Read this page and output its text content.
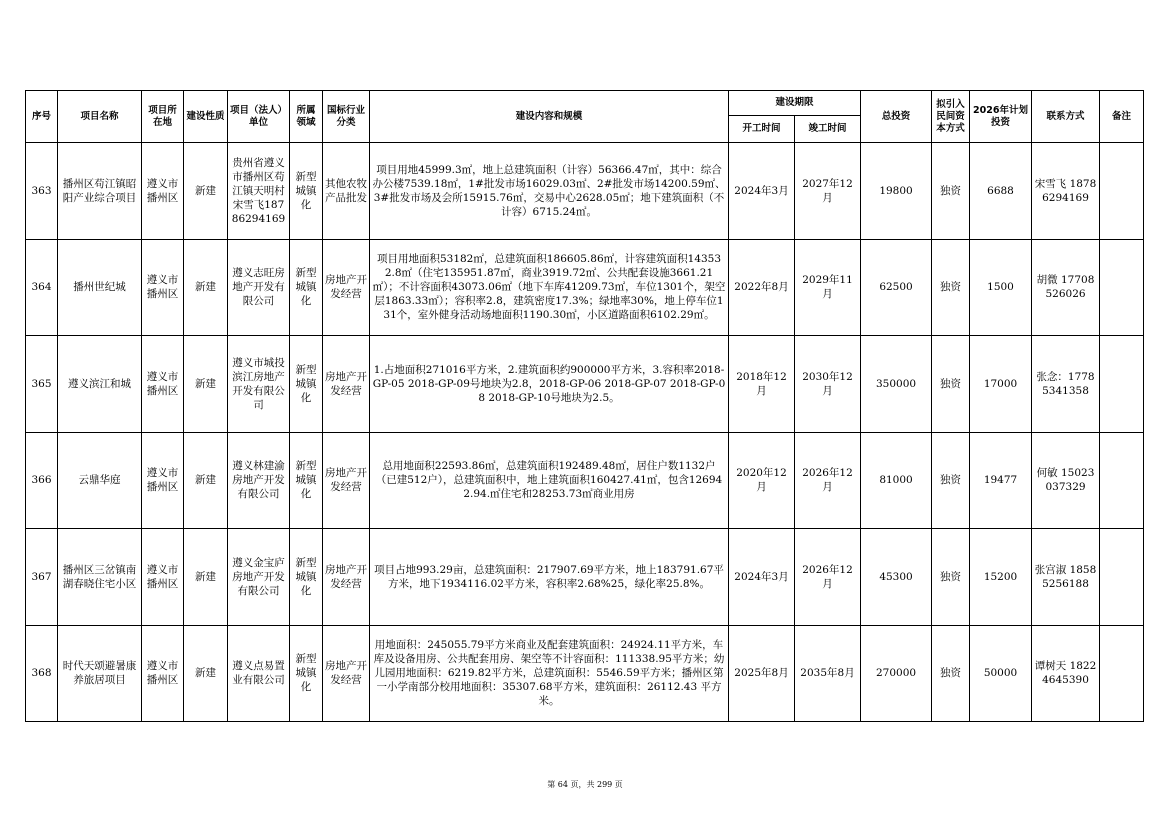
序号	项目名称	项目所在地	建设性质	项目（法人）单位	所属领域	国标行业分类	建设内容和规模	建设期限		总投资	拟引入民间资本方式	2026年计划投资	联系方式	备注
								开工时间	竣工时间					
363	播州区苟江镇昭阳产业综合项目	遵义市播州区	新建	贵州省遵义市播州区苟江镇天明村宋雪飞18786294169	新型城镇化	其他农牧产品批发	项目用地45999.3㎡，地上总建筑面积（计容）56366.47㎡，其中：综合办公楼7539.18㎡，1#批发市场16029.03㎡、2#批发市场14200.59㎡、3#批发市场及会所15915.76㎡，交易中心2628.05㎡；地下建筑面积（不计容）6715.24㎡。	2024年3月	2027年12月	19800	独资	6688	宋雪飞 18786294169	
364	播州世纪城	遵义市播州区	新建	遵义志旺房地产开发有限公司	新型城镇化	房地产开发经营	项目用地面积53182㎡，总建筑面积186605.86㎡，计容建筑面积143532.8㎡（住宅135951.87㎡，商业3919.72㎡、公共配套设施3661.21㎡）；不计容面积43073.06㎡（地下车库41209.73㎡，车位1301个，架空层1863.33㎡）；容积率2.8，建筑密度17.3%；绿地率30%，地上停车位131个，室外健身活动场地面积1190.30㎡，小区道路面积6102.29㎡。	2022年8月	2029年11月	62500	独资	1500	胡微 17708526026	
365	遵义滨江和城	遵义市播州区	新建	遵义市城投滨江房地产开发有限公司	新型城镇化	房地产开发经营	1.占地面积271016平方米，2.建筑面积约900000平方米，3.容积率2018-GP-05 2018-GP-09号地块为2.8，2018-GP-06 2018-GP-07 2018-GP-08 2018-GP-10号地块为2.5。	2018年12月	2030年12月	350000	独资	17000	张念：17785341358	
366	云鼎华庭	遵义市播州区	新建	遵义林建渝房地产开发有限公司	新型城镇化	房地产开发经营	总用地面积22593.86㎡，总建筑面积192489.48㎡，居住户数1132户（已建512户），总建筑面积中，地上建筑面积160427.41㎡，包含126942.94.㎡住宅和28253.73㎡商业用房	2020年12月	2026年12月	81000	独资	19477	何敏 15023037329	
367	播州区三岔镇南湖春晓住宅小区	遵义市播州区	新建	遵义金宝庐房地产开发有限公司	新型城镇化	房地产开发经营	项目占地993.29亩，总建筑面积：217907.69平方米，地上183791.67平方米，地下1934116.02平方米，容积率2.68%25，绿化率25.8%。	2024年3月	2026年12月	45300	独资	15200	张宫淑 18585256188	
368	时代天颂避暑康养旅居项目	遵义市播州区	新建	遵义点易置业有限公司	新型城镇化	房地产开发经营	用地面积：245055.79平方米商业及配套建筑面积：24924.11平方米，车库及设备用房、公共配套用房、架空等不计容面积：111338.95平方米；幼儿园用地面积：6219.82平方米，总建筑面积：5546.59平方米；播州区第一小学南部分校用地面积：35307.68平方米，建筑面积：26112.43 平方米。	2025年8月	2035年8月	270000	独资	50000	谭树天 18224645390	
第 64 页，共 299 页
